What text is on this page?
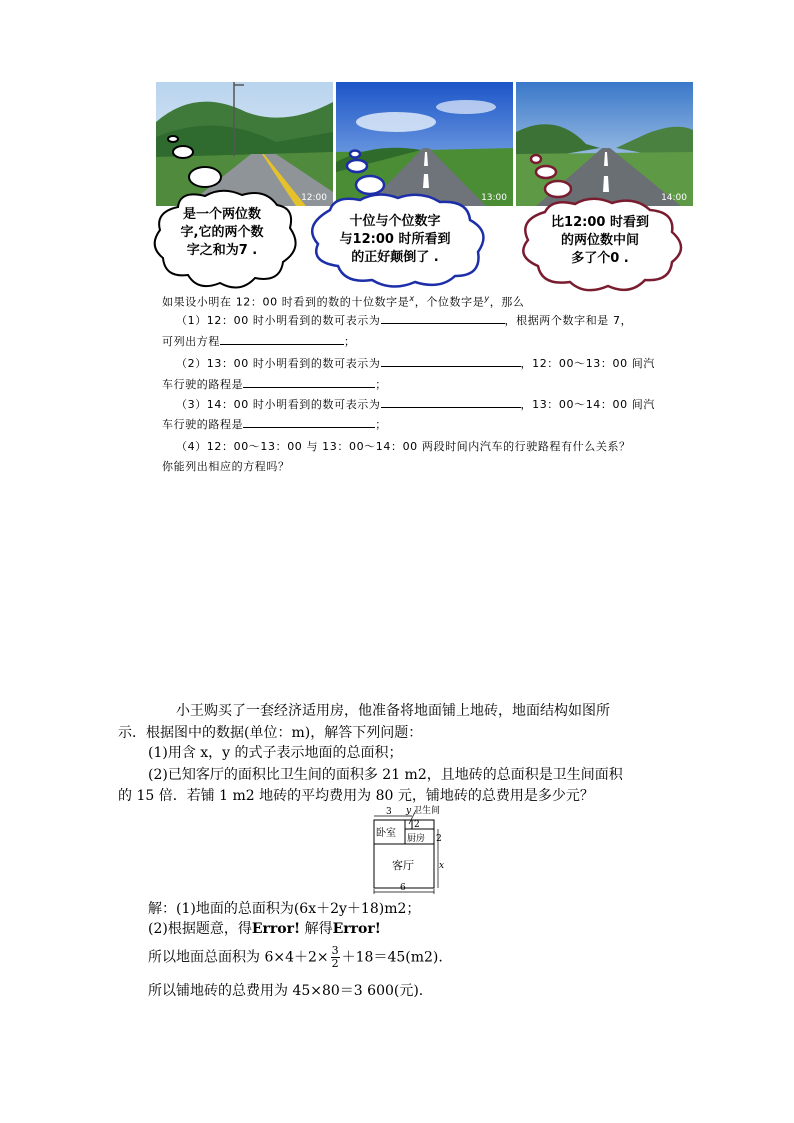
12:00	13:00	14:00
是一个两位数
字,它的两个数
字之和为7 .
十位与个位数字
与12:00 时所看到
的正好颠倒了 .
比12:00 时看到
的两位数中间
多了个0 .
如果设小明在 12：00 时看到的数的十位数字是$^x$，个位数字是$^y$，那么
（1）12：00 时小明看到的数可表示为	，根据两个数字和是 7，
可列出方程	；
（2）13：00 时小明看到的数可表示为	，12：00～13：00 间汽
车行驶的路程是	；
（3）14：00 时小明看到的数可表示为	，13：00～14：00 间汽
车行驶的路程是	；
（4）12：00～13：00 与 13：00～14：00 两段时间内汽车的行驶路程有什么关系？
你能列出相应的方程吗？
小王购买了一套经济适用房，他准备将地面铺上地砖，地面结构如图所
示．根据图中的数据(单位：m)，解答下列问题：
(1)用含 x，y 的式子表示地面的总面积；
(2)已知客厅的面积比卫生间的面积多 21 m2，且地砖的总面积是卫生间面积
的 15 倍．若铺 1 m2 地砖的平均费用为 80 元，铺地砖的总费用是多少元？
3 y 卫生间
2
卧室 厨房 2
客厅	x
6
解：(1)地面的总面积为(6x＋2y＋18)m2；
(2)根据题意，得Error! 解得Error!
所以地面总面积为 $6\times 4+2\times \frac{3}{2} +18=45(m2)$.
所以铺地砖的总费用为 45×80＝3 600(元).
